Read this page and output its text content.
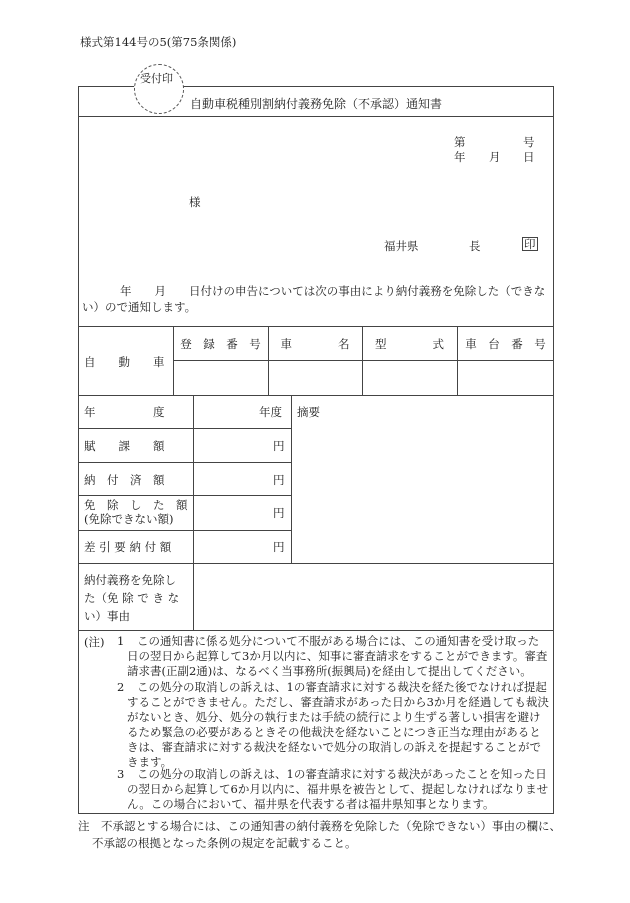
様式第144号の5(第75条関係)
受付印
自動車税種別割納付義務免除（不承認）通知書
第	号
年 月 日
様
福井県	長	印
年　　月　　日付けの申告については次の事由により納付義務を免除した（できな
い）ので通知します。
自　　動　　車
登　録　番　号	車　　　　名	型　　　　式	車　台　番　号
年　　　　　度	年度 摘要
賦　　課　　額	円
納　付　済　額	円
免　除　し　た　額
(免除できない額)	円
差 引 要 納 付 額	円
納付義務を免除し
た（免 除 で き な
い）事由
(注) 1 この通知書に係る処分について不服がある場合には、この通知書を受け取った
日の翌日から起算して3か月以内に、知事に審査請求をすることができます。審査
請求書(正副2通)は、なるべく当事務所(振興局)を経由して提出してください。
2 この処分の取消しの訴えは、1の審査請求に対する裁決を経た後でなければ提起
することができません。ただし、審査請求があった日から3か月を経過しても裁決
がないとき、処分、処分の執行または手続の続行により生ずる著しい損害を避け
るため緊急の必要があるときその他裁決を経ないことにつき正当な理由があると
きは、審査請求に対する裁決を経ないで処分の取消しの訴えを提起することがで
きます。
3 この処分の取消しの訴えは、1の審査請求に対する裁決があったことを知った日
の翌日から起算して6か月以内に、福井県を被告として、提起しなければなりませ
ん。この場合において、福井県を代表する者は福井県知事となります。
注　不承認とする場合には、この通知書の納付義務を免除した（免除できない）事由の欄に、
不承認の根拠となった条例の規定を記載すること。
